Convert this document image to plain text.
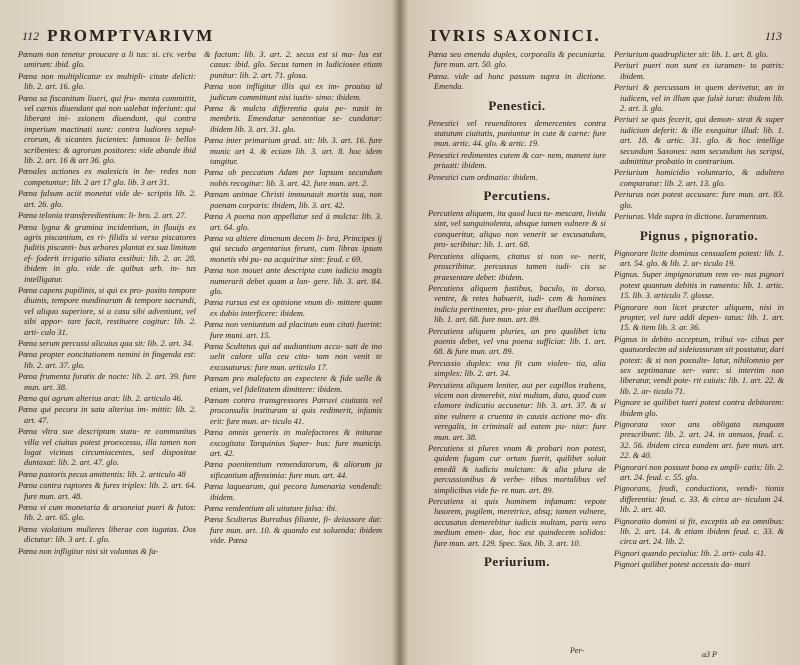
112 PROMPTVARIVM

Pœnam non tenetur proucare a li tus: si. civ. verba umirum: ibid. glo.

Pœna non multiplicatur ex multipli- citate delicti: lib. 2. art. 16. glo.

Pœna sa fiscanitum liueri, qui fru- menta committit, vel carnis diuendant qui non ualebat inferiunt: qui liberant ini- ssionem diuendunt, qui contra imperium mactinati sunt: contra ludiores sepul- crorum, & sicantes facientes: famosos li- bellos scribentes: & agrorum positores: vide abunde ibid lib. 2. art. 16 & art 36. glo.

Pœnales actiones ex malesicis in he- redes non competuntur: lib. 2 art 17 glo. lib. 3 art 31.

Pœna falsum aciit monetat vide de- scriptis lib. 2. art. 26. glo.

Pœna telonia transferedientium: li- bro. 2. art. 27.

Pœna lygna & gramina incidentium, in fluuijs ex agris piscantium, ex ri- filidis si verso piscatores fuditis piscanti- bus arbores plantat ex sua limitum ef- foderit irrigatio siliata exsibui: lib. 2. ar. 28. ibidem in glo. vide de quibus arb. in- tus intelligatur.

Pœna capens pupilinis, si qui ex pro- posito tempore diuinis, tempore nundinarum & tempore sacrundi, vel aliquo superiore, si a casu sibi adveniunt, vel sibi appor- tare facit, restituere cogitur: lib. 2. arti- culo 31.

Pœna serum percussi alicuius qua sit: lib. 2. art. 34.

Pœna propter eoncitationem nemini in fingenda est: lib. 2. art. 37. glo.

Pœna frumenta furatis de nocte: lib. 2. art. 39. fure mun. art. 38.

Pœna qui agrum alterius arat: lib. 2. articulo 46.

Pœna qui pecora in sata alterius im- mittit: lib. 2. art. 47.

Pœna vltra sue descriptam statu- re communitas villa vel ciuitas potest proexcessu, illa tamen non logat vicinas circumiacentes, sed dispositae duntaxat: lib. 2. art. 47. glo.

Pœna pastoris pecus amittentis: lib. 2. articulo 48

Pœna contra raptores & fures triplex: lib. 2. art. 64. fure mun. art. 48.

Pœna vi cum monetaria & arsoneiat pueri & futos: lib. 2. art. 65. glo.

Pœna violatium mulieres liberae con iugatas. Dos dictatur: lib. 3 art. 1. glo.

Pœna non infligitur nisi sit voluntas & fa-

& factum: lib. 3. art. 2. secus est si ma- lus est casus: ibid. glo. Secus tamen in ludiciosee etiam punitur: lib. 2. art. 71. glosa.

Pœna non infligitur illis qui ex im- prouisa id judicum committunt nisi iustis- simo: ibidem.

Pœna & mulcta differentia quia pe- nasit in membris. Emendatur sententiae se- cundatur: ibidem lib. 3. art. 31. glo.

Pœna inter primarium grad. sit: lib. 3. art. 16. fure munic art 4. & eciam lib. 3. art. 8. hoc idem tangitur.

Pœna ob peccatum Adam per lapsum secundum nobis recogitur: lib. 3. art. 42. fure mun. art. 2.

Pœnam animae Christi immunauit mortis sua, non poenam corporis: ibidem, lib. 3. art. 42.

Pœna A poena non appellatur sed à mulcta: lib. 3. art. 64. glo.

Pœna va altiere dimenum decem li- bra, Principes ij qui secudo argentarius ferunt, cum libras ipsum monetis vbi pu- na acquiritur sint: feud. c 69.

Pœna non mouet ante descripta cum iudicio magis numerarii debet quam a lan- gere. lib. 3. art. 84. glo.

Pœna rursus est ex opinione vnum di- mittere quam ex dubio interficere: ibidem.

Pœna non veniuntum ad placitum eum citati fuerint: fure muni. art. 15.

Pœna Scultetus qui ad audiantium accu- sati de ino uelit calore ulla ceu cita- tam non venit te excusaturus: fure mun. articulo 17.

Pœnam pro malefacto an expectere & fide uelle & etiam, vel fidelitatem dimittere: ibidem.

Pœnam contra transgressores Patruvi ciuitatis vel proconsulis instituram si quis redimerit, infamis erit: fure mun. ar- ticulo 41.

Pœna omnis generis in malefactores & initurae excogitata Tarquinius Super- bus: fure municip. art. 42.

Pœna poenitentium remendatorum, & aliorum ja sificantium affensimia: fure mun. art. 44.

Pœna laquearum, qui pecora lumenaria vendendi: ibidem.

Pœna vendentium ali uitatare falsa: ibi.

Pœna Sculterus Burrabus filiante, fi- deiussore dat: fure mun. art. 10. & quando est soluenda: ibidem vide. Pœna

IVRIS SAXONICI.	113

Pœna seu emenda duplex, corporalis & pecuniaria. fure mun. art. 50. glo.

Pœna. vide ad hunc passum supra in dictione. Emenda.

Penestici.

Penestici vel reuenditores demercentes contra statutum ciuitatis, puniuntur in cute & carne: fure mun. artic. 44. glo. & artic. 19.

Penestici redimentes cutem & car- nem, manent iure priuati: ibidem.

Penestici cum ordinatio: ibidem.

Percutiens.

Percutiens aliquem, ita quod luca tu- mescant, livida sint, vel sanguinolenta, absque tamen vulnere & si conqueritur, aliquo non venerit se excusandum, pro- scribitur: lib. 1. art. 68.

Percutiens aliquem, citatus si non ve- nerit, proscribitur. percussus tamen iudi- cis se praesentare debet: ibidem.

Percutiens aliquem fustibus, baculo, in dorso, ventre, & retes habuerit, iudi- cem & homines indiciu pertinentes, pro- pior est duellum accipere: lib. 1. art. 68. fure mun. art. 89.

Percutiens aliquem pluries, an pro quolibet ictu poenis debet, vel vna poena sufficiat: lib. 1. art. 68. & fure mun. art. 89.

Percussio duplex: vna fit cum violen- tia, alia simplex: lib. 2. art. 34.

Percutiens aliquem leniter, aut per capillos trahens, vicem non demerebit, nisi multam, dato, quod cum clamore indicatio accusetur: lib. 3. art. 37. & si sine vulnere a cruenta in causis actione mo- dis veregalis, in criminali ad eatem pu- niur: fure mun. art. 38.

Percutiens si plures vnum & probari non potest, quidem fugam cur ortum fuerit, quilibet soluit emedâ & iudiciu mulctam: & alia plura de percussionibus & verbe- tibus mortalibus vel simplicibus vide fu- re mun. art. 89.

Percutiens si quis hominem infamam: vepote lusorem, pugilem, meretrice, absq; tamen vulnere, accusatus demerebitur iudicis multam, paris vero medium emen- dae, hoc est quindecem solidos: fure mun. art. 129. Spec. Sax. lib. 3. art. 10.

Periurium.

Periurium quadruplicter sit: lib. 1. art. 8. glo.

Periuri pueri non sunt ex iuramen- to patris: ibidem.

Periuri & percussum in quem derivetur, an in iudicem, vel in illum que falsè iurat: ibidem lib. 2. art. 3. glo.

Periuri se quis fecerit, qui demon- strat & super iudicium deferit: & ille exequitur illud: lib. 1. art. 18. & artic. 31. glo. & hoc intellige secundum Saxones: nam secundum ius scripsi, admittitur probatio in contrarium.

Periurium homicidio voluntario, & adultero comparatur: lib. 2. art. 13. glo.

Periurus non potest accusare: fure mun. art. 83. glo.

Periurus. Vide supra in dictione. Iuramentum.

Pignus , pignoratio.

Pignorare licite dominus censualem potest: lib. 1. art. 54. glo. & lib. 2. ar- ticulo 19.

Pignus. Super impignoratum rem vn- nus pignori potest quantum debitis in ramento: lib. 1. artic. 15. lib. 3. articulo 7. glosse.

Pignorare non licet præcter aliquem, nisi in propter, vel iure addi depen- tatus: lib. 1. art. 15. & item lib. 3. ar. 36.

Pignus in debito acceptum, tribui vo- cibus per quatuordecim ad sideiussuram sit posstatur, dari potest: & si non possulte- latur, nihilomnio per sex septimanae ser- vare: si intertim non liberatur, vendi pote- rit cuiuis: lib. 1. art. 22. & lib. 2. ar- ticulo 71.

Pignore se quilibet tueri potest contra debitorem: ibidem glo.

Pignorata vxor ans obligata nunquam prescribunt: lib. 2. art. 24. in annuos, feud. c. 32. 56. ibidem circa eundem art. fure mun. art. 22. & 40.

Pignorari non possunt bona ex ampli- catis: lib. 2. art. 24. feud. c. 55. glo.

Pignorans, feudi, conductions, vendi- tionis differentia: feud. c. 33. & circa ar- ticulum 24. lib. 2. art. 40.

Pignoratio domini si fit, exceptis ab ea omnibus: lib. 2. art. 14. & etiam ibidem feud. c. 33. & circa art. 24. lib. 2.

Pignori quando pecialia: lib. 2. arti- culo 41.

Pignori quilibet potest accessis da- muri

Per-	a3 P
